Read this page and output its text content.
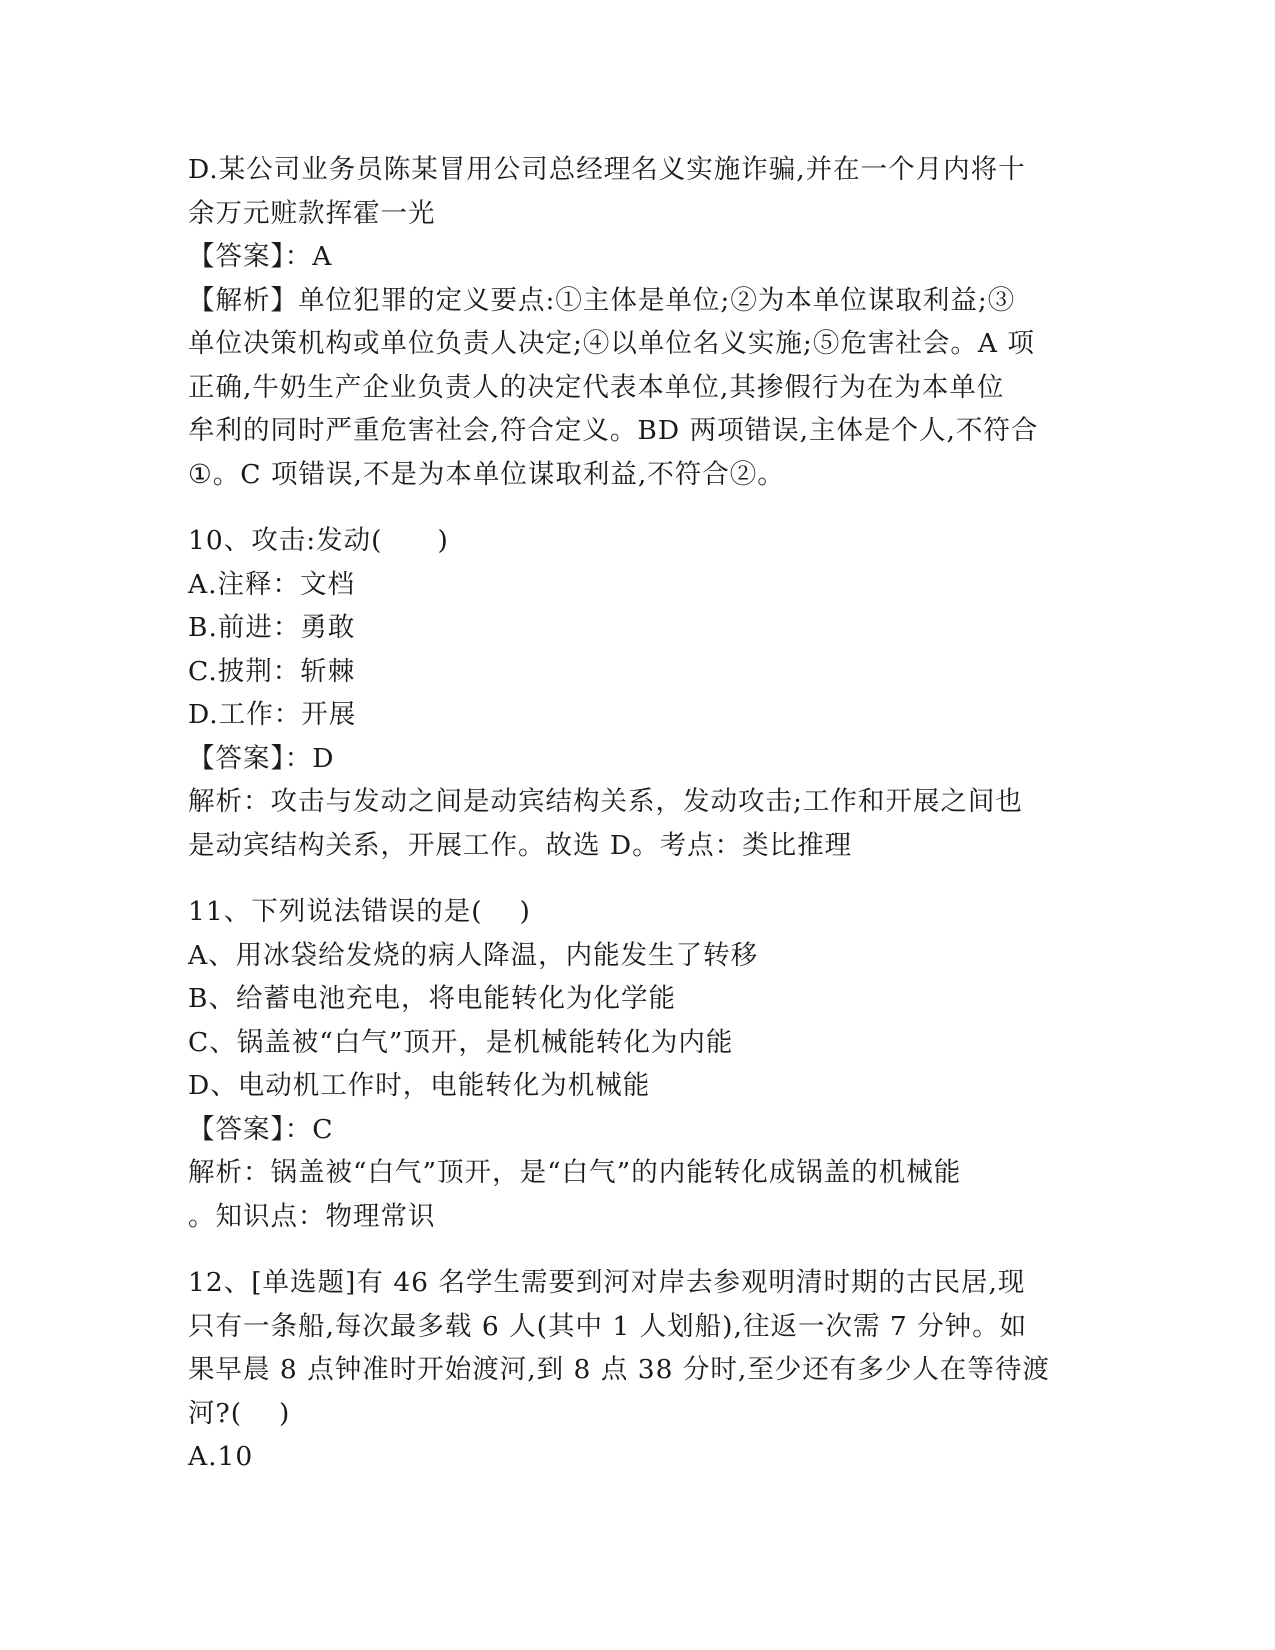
D.某公司业务员陈某冒用公司总经理名义实施诈骗,并在一个月内将十
余万元赃款挥霍一光
【答案】：A
【解析】单位犯罪的定义要点:①主体是单位;②为本单位谋取利益;③
单位决策机构或单位负责人决定;④以单位名义实施;⑤危害社会。A 项
正确,牛奶生产企业负责人的决定代表本单位,其掺假行为在为本单位
牟利的同时严重危害社会,符合定义。BD 两项错误,主体是个人,不符合
①。C 项错误,不是为本单位谋取利益,不符合②。
10、攻击:发动(　　)
A.注释：文档
B.前进：勇敢
C.披荆：斩棘
D.工作：开展
【答案】：D
解析：攻击与发动之间是动宾结构关系，发动攻击;工作和开展之间也
是动宾结构关系，开展工作。故选 D。考点：类比推理
11、下列说法错误的是(　 )
A、用冰袋给发烧的病人降温，内能发生了转移
B、给蓄电池充电，将电能转化为化学能
C、锅盖被“白气”顶开，是机械能转化为内能
D、电动机工作时，电能转化为机械能
【答案】：C
解析：锅盖被“白气”顶开，是“白气”的内能转化成锅盖的机械能
。知识点：物理常识
12、[单选题]有 46 名学生需要到河对岸去参观明清时期的古民居,现
只有一条船,每次最多载 6 人(其中 1 人划船),往返一次需 7 分钟。如
果早晨 8 点钟准时开始渡河,到 8 点 38 分时,至少还有多少人在等待渡
河?(　 )
A.10
